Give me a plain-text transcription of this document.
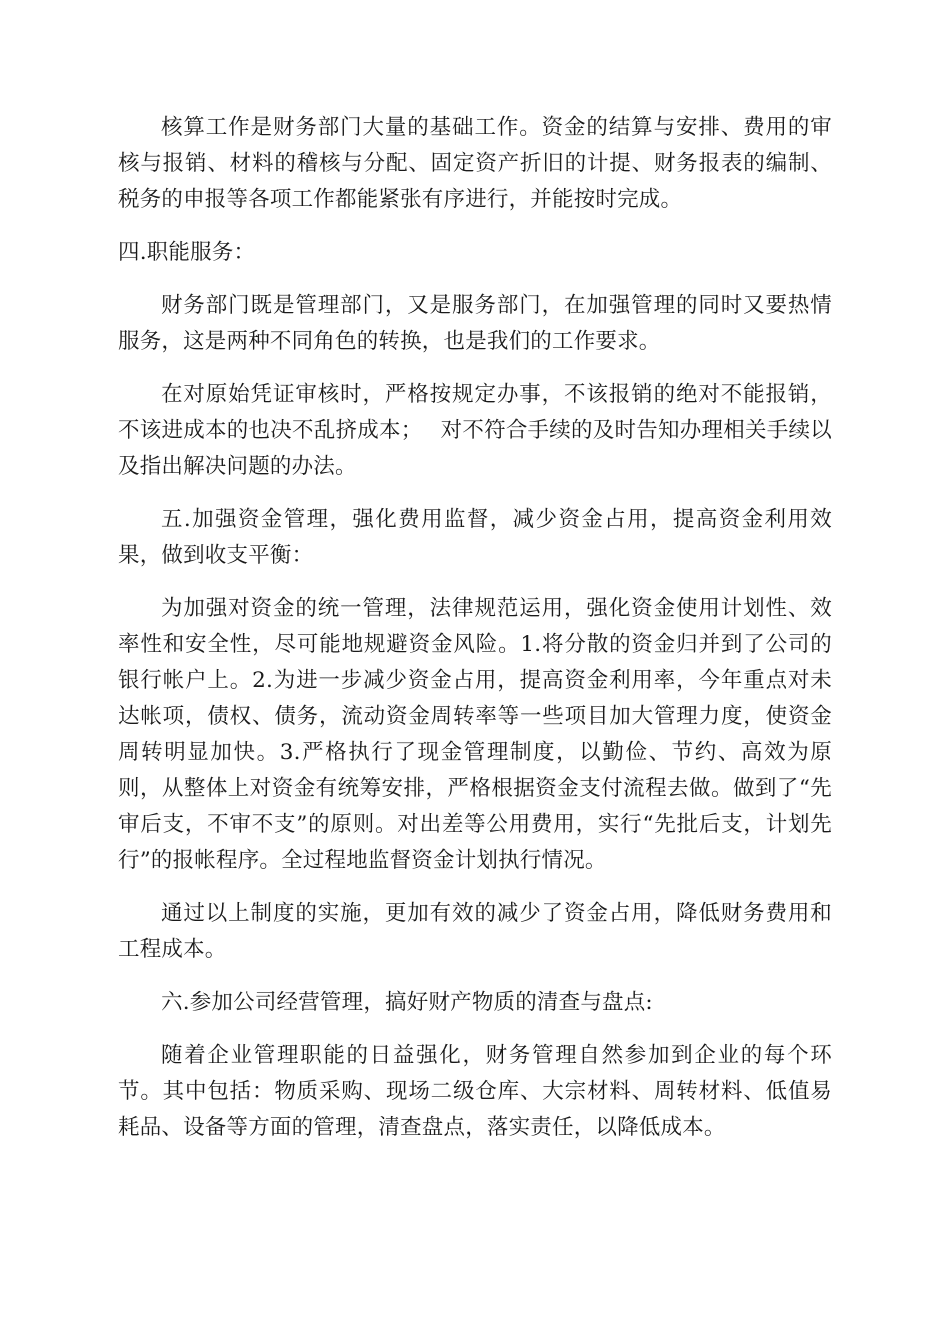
核算工作是财务部门大量的基础工作。资金的结算与安排、费用的审核与报销、材料的稽核与分配、固定资产折旧的计提、财务报表的编制、税务的申报等各项工作都能紧张有序进行，并能按时完成。

四.职能服务：

财务部门既是管理部门，又是服务部门，在加强管理的同时又要热情服务，这是两种不同角色的转换，也是我们的工作要求。

在对原始凭证审核时，严格按规定办事，不该报销的绝对不能报销，不该进成本的也决不乱挤成本；　 对不符合手续的及时告知办理相关手续以及指出解决问题的办法。

五.加强资金管理，强化费用监督，减少资金占用，提高资金利用效果，做到收支平衡：

为加强对资金的统一管理，法律规范运用，强化资金使用计划性、效率性和安全性，尽可能地规避资金风险。1.将分散的资金归并到了公司的银行帐户上。2.为进一步减少资金占用，提高资金利用率，今年重点对未达帐项，债权、债务，流动资金周转率等一些项目加大管理力度，使资金周转明显加快。3.严格执行了现金管理制度，以勤俭、节约、高效为原则，从整体上对资金有统筹安排，严格根据资金支付流程去做。做到了“先审后支，不审不支”的原则。对出差等公用费用，实行“先批后支，计划先行”的报帐程序。全过程地监督资金计划执行情况。

通过以上制度的实施，更加有效的减少了资金占用，降低财务费用和工程成本。

六.参加公司经营管理，搞好财产物质的清查与盘点:

随着企业管理职能的日益强化，财务管理自然参加到企业的每个环节。其中包括：物质采购、现场二级仓库、大宗材料、周转材料、低值易耗品、设备等方面的管理，清查盘点，落实责任，以降低成本。
